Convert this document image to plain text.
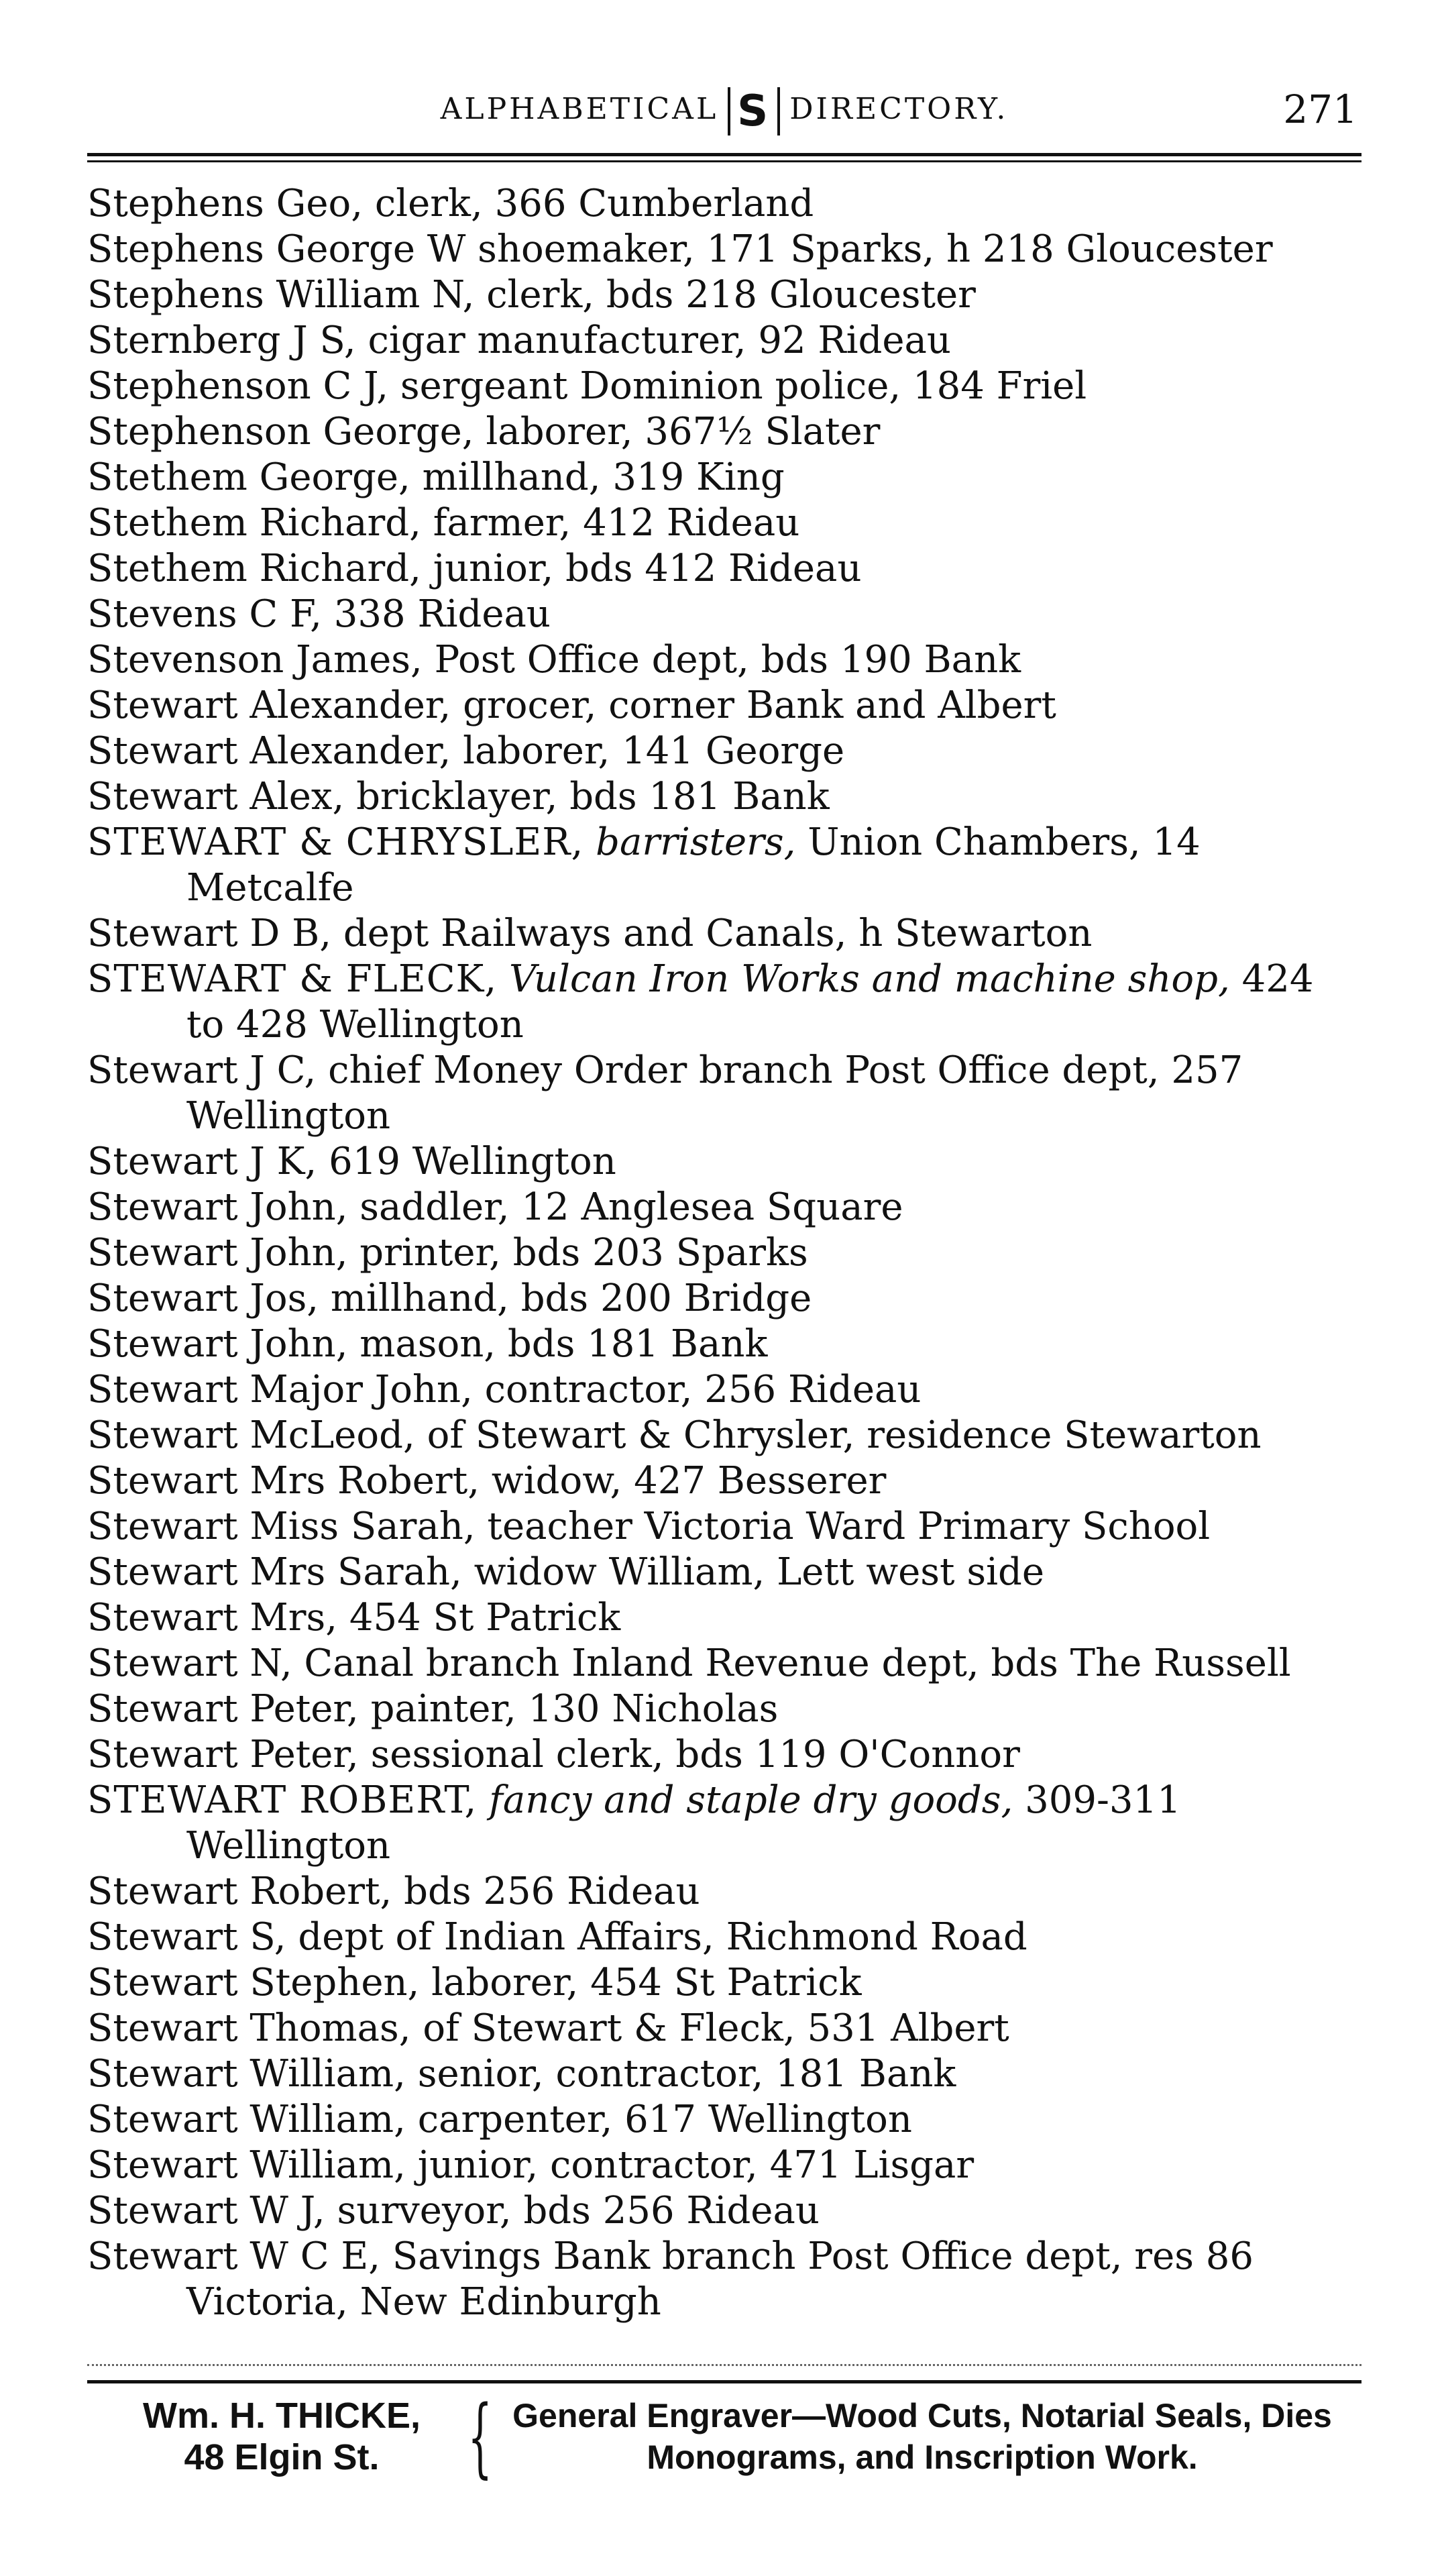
ALPHABETICAL S DIRECTORY.	271

Stephens Geo, clerk, 366 Cumberland

Stephens George W shoemaker, 171 Sparks, h 218 Gloucester

Stephens William N, clerk, bds 218 Gloucester

Sternberg J S, cigar manufacturer, 92 Rideau

Stephenson C J, sergeant Dominion police, 184 Friel

Stephenson George, laborer, 367½ Slater

Stethem George, millhand, 319 King

Stethem Richard, farmer, 412 Rideau

Stethem Richard, junior, bds 412 Rideau

Stevens C F, 338 Rideau

Stevenson James, Post Office dept, bds 190 Bank

Stewart Alexander, grocer, corner Bank and Albert

Stewart Alexander, laborer, 141 George

Stewart Alex, bricklayer, bds 181 Bank

STEWART & CHRYSLER, barristers, Union Chambers, 14 Metcalfe

Stewart D B, dept Railways and Canals, h Stewarton

STEWART & FLECK, Vulcan Iron Works and machine shop, 424 to 428 Wellington

Stewart J C, chief Money Order branch Post Office dept, 257 Wellington

Stewart J K, 619 Wellington

Stewart John, saddler, 12 Anglesea Square

Stewart John, printer, bds 203 Sparks

Stewart Jos, millhand, bds 200 Bridge

Stewart John, mason, bds 181 Bank

Stewart Major John, contractor, 256 Rideau

Stewart McLeod, of Stewart & Chrysler, residence Stewarton

Stewart Mrs Robert, widow, 427 Besserer

Stewart Miss Sarah, teacher Victoria Ward Primary School

Stewart Mrs Sarah, widow William, Lett west side

Stewart Mrs, 454 St Patrick

Stewart N, Canal branch Inland Revenue dept, bds The Russell

Stewart Peter, painter, 130 Nicholas

Stewart Peter, sessional clerk, bds 119 O'Connor

STEWART ROBERT, fancy and staple dry goods, 309-311 Wellington

Stewart Robert, bds 256 Rideau

Stewart S, dept of Indian Affairs, Richmond Road

Stewart Stephen, laborer, 454 St Patrick

Stewart Thomas, of Stewart & Fleck, 531 Albert

Stewart William, senior, contractor, 181 Bank

Stewart William, carpenter, 617 Wellington

Stewart William, junior, contractor, 471 Lisgar

Stewart W J, surveyor, bds 256 Rideau

Stewart W C E, Savings Bank branch Post Office dept, res 86 Victoria, New Edinburgh

Wm. H. THICKE,
48 Elgin St.	{ General Engraver—Wood Cuts, Notarial Seals, Dies
Monograms, and Inscription Work.
